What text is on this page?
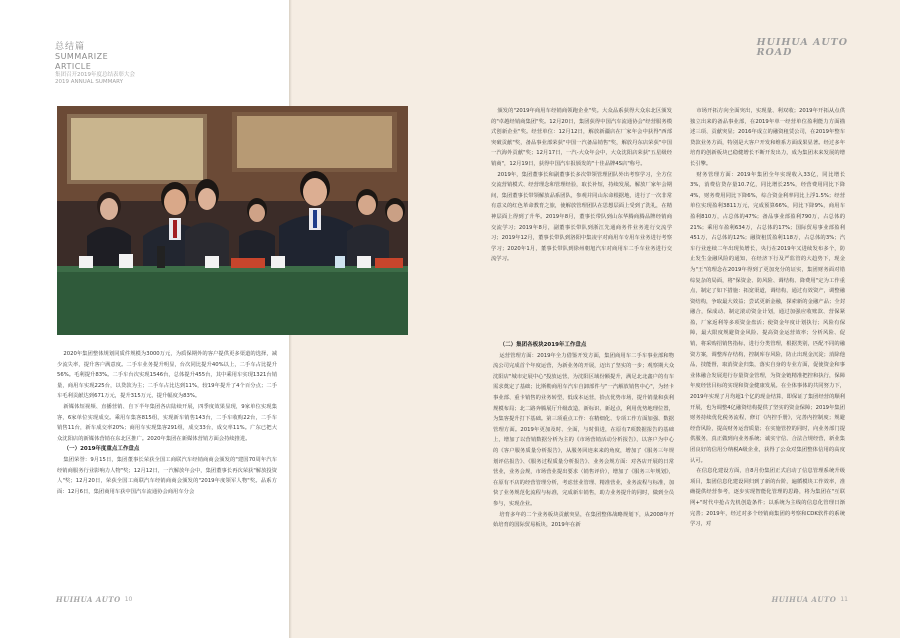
总结篇
SUMMARIZE
ARTICLE
集团召开2019年度总结表彰大会
2019 ANNUAL SUMMARY
HUIHUA AUTO
ROAD

2020年集团整体规划同质件规模为3000万元，为质保期外的客户提供更多渠道的选择，减少流失率，提升客户满意度。二手车业务提升明显，台次同比提升40%以上，二手车占比提升56%。毛利提升83%。二手车台次实现1546台，总体提升455台，其中乘用车实现1321台销量，商用车实现225台，以贷款为主；二手车占比达到11%，较19年提升了4个百分点；二手车毛利贡献达到671万元，提升315万元，提升幅度为83%。

新媒体短视频、直播营销、自下半年集团各店陆续开展，四季度效果显现，9家单位实现集客，6家单位实现成交。乘用车集客815组，实现新车销售143台，二手车收购22台，二手车销售11台，新车成交率20%；商用车实现集客291组，成交33台，成交率11%。广东已把大众沈阳店的新媒体营销在东北区推广。2020年集团在新媒体营销方面会持续推进。

（一）2019年度重点工作盘点

集团荣誉：9月15日，集团董事长荣获全国工商联汽车经销商商会颁发的"建国70周年汽车经销商服务行业影响力人物"奖；12月12日，一汽解放年会中，集团董事长再次荣获"解放投资人"奖；12月20日，荣获全国工商联汽车经销商商会颁发的"2019年度领军人物"奖。品系方面：12月6日，集团商用车获中国汽车流通协会商用车分会

颁发的"2019年商用车经销商领跑企业"奖。大众品系获得大众东北区颁发的"卓越经销商集团"奖。12月20日，集团获得中国汽车流通协会"经营服务模式创新企业"奖。经营单位：12月12日，解放新疆店在厂家年会中获得"西部突破贡献"奖，备品事业部荣获"中国一汽备品销售"奖，解放丹东店荣获"中国一汽海外贡献"奖；12月17日，一汽-大众年会中，大众沈阳店荣获"五星级经销商"，12月19日，获得中国汽车报颁发的"十佳品牌4S店"称号。

2019年，集团董事长和副董事长多次带领管理团队外出考察学习，全方位交流营销模式、经营理念和管理经验，取长补短，持续发展。解放厂家年会期间，集团董事长带领解放品系团队，参观并同山东命根据地，进行了一次非常有意义的红色革命教育之旅，使解放管理团队在思想层面上受到了洗礼，在精神层面上得到了升华。2019年8月，董事长带队到山东华腾商腾品牌经销商交流学习；2019年8月，副董事长带队到浙江先通商务件业务进行交流学习；2019年12月，董事长带队到洛阳中集凌宇对商用车专用车业务进行考察学习；2020年1月，董事长带队到徐州朝旭汽车对商用车二手车业务进行交流学习。

（二）集团各板块2019年工作盘点

运营管理方面：2019年全力借鉴开发方面，集团商用车二手车事业部和物流公司完成首个年度运营，为新业务的开展，迈出了坚实的一步；观察期大众沈阳店"城市定展中心"投放运营，为沈阳区域份额提升，满足北北鑫户的有车需求奠定了基础；比斯勒商用车汽车自卸部件与"一汽解放销售中心"，为轻卡事业部、重卡销售的业务转型，低成本运营，拾点优势市场，提升销量和获利规模布局；北二路奔腾展厅升级改造，新标识、新起点，利用优势地理位置，为集客提升打下基础。第三项重点工作：在精细化、专项工作方面加强、数据管理方面。2019年更加及时、全面，与时俱进，在原有7项数据报告的基础上，增加了以营销数据分析为主的《市场营销活动分析报告》，以客户为中心的《客户服务质量分析报告》，从服务回迹来来的角度，增加了《服务三年规划评估报告》、《服务过程质量分析报告》、业务会规方面：对各店开展的日常营业，业务会规，市场营业提出要求（销售评价），增加了《服务三年规划》，在原有不店的经营管理分析，考虑营业管理、精准营业，业务流程与标准，加快了业务规范化流程与标准，完成新车销售，助力业务提升的同时，做到全员参与，实现企业。

培育多年的二个业务板块贡献突显，在集团整体战略规划下，从2008年开始培育的国际贸易板块，2019年在新

市场开拓方向全面突出，实现量、利双收；2019年开拓从点供独立出来的备品事业部，在2019年单一经营单位盈利能力方面描述三项、贡献突显；2016年成立的融资租赁公司，在2019年整车贷款业务方面，特别是大客户开发和维系方面成果显著。经过多年培育的创新板块已稳健增长不断开发出力，成为集团未来发展的增长引擎。

财务管理方面：2019年集团全年实现收入33亿，同比增长3%，消费信贷存量10.7亿，同比增长25%，经营费用同比下降4%，财务费用同比下降6%，综合资金利率同比上浮1.5%；经营单位实现盈利3811万元，完成预算66%，同比下降9%，商用车盈利810万，占总体的47%；备品事业部盈利790万，占总体的21%；乘用车盈利634万，占总体的17%；国际贸易事业部盈利451万，占总体的12%；融资租赁盈利118万，占总体的3%；汽车行业连续二年出现负增长，央行在2019年又进续发布多个，防止发生金融风险的通知，在经济下行及严监管的大趋势下，现金为"王"的理念在2019年得到了更加充分的证实，集团财务面对错综复杂的局面，将"保资金、防风险、调结构、降费用"定为工作重点，制定了如下措施：拓宽渠道，调结构，通过有效资产，调整融资结构，争取最大效益；尝试更新金融，探索新的金融产品；全封融合，保成动、制定滚动资金计划，通过加强应收账款、营保紧盈，厂家返利等多项资金盘活；使资金年度计划执行；风险有保障，最大限度规避资金风险、提高资金运营效率；分析风险、促销，将采购招销售指标，进行分类管理，根据类别，匹配不同的融资方案，调整库存结构，控制库存风险，防止出现金沉淀；消除他品，技能督，取消资金归集，落实自身的专业方面，促使资金和事业体融合发展进行存量资金管理，为资金链精准把控和执行，保障年度经营目标的实现和资金健康发展。在全体事体的共同努力下，2019年实现了月均超1个亿的现金结算，即保证了集团经营的顺利开展，也为调整4亿融资结构提供了坚实的资金保障；2019年集团财务持续优化税务流程，修订《内控手册》，完善内控制度；规避经营风险，提高财务运营质量；在实施管控的同时，向业务部门提供服务，真正做到向业务系统；诚实守信、合法合规经营，新业集团良好的信用分纳税A级企业，获得了公众对集团整体信用的高度认可。

在信息化建设方面，自8月份集团正式启动了信息管理系统升级项目，集团信息化建设回归到了新的台阶，遍循模块工作效率，准确提供经营参考，逐步实现智能化管理的思路，将为集团在"互联网+"时代中抢占先机创造条件；以系统为主线的信息化管理日渐完善；2019年，经过对多个经销商集团的考察和CDK软件的系统学习，对

HUIHUA AUTO 10	HUIHUA AUTO 11
